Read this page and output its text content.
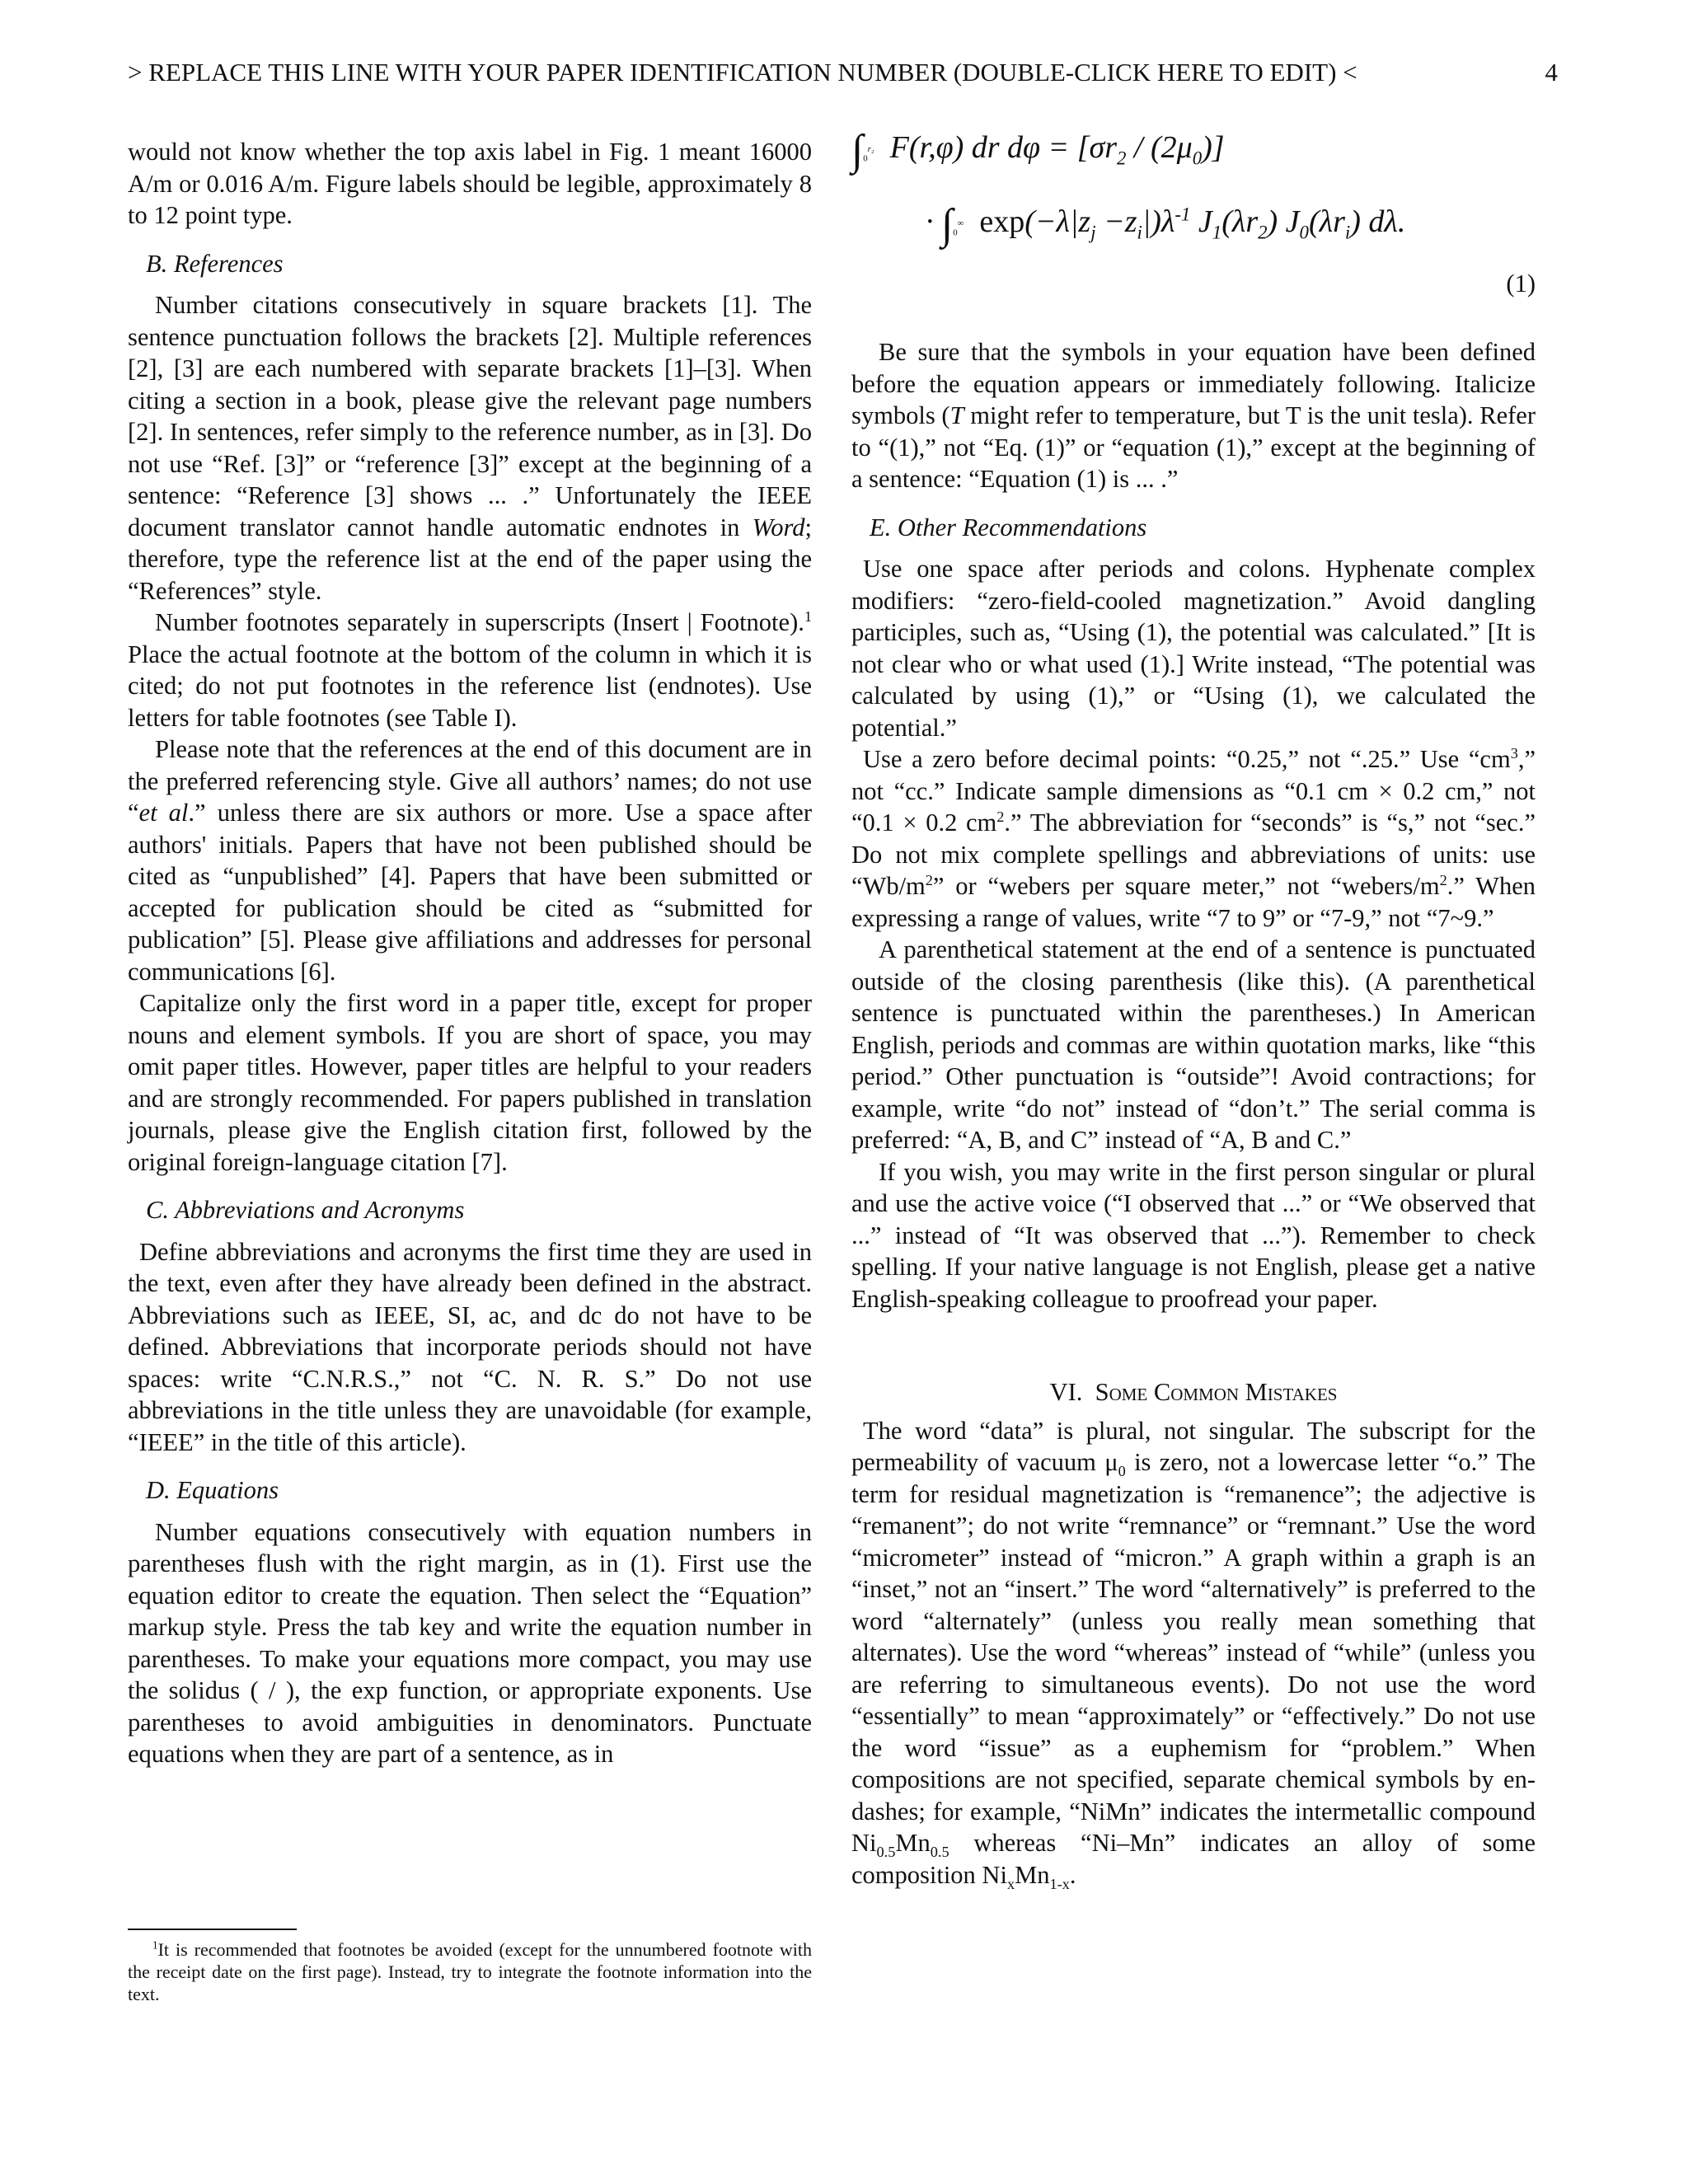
> REPLACE THIS LINE WITH YOUR PAPER IDENTIFICATION NUMBER (DOUBLE-CLICK HERE TO EDIT) <	4

would not know whether the top axis label in Fig. 1 meant 16000 A/m or 0.016 A/m. Figure labels should be legible, approximately 8 to 12 point type.

B. References

Number citations consecutively in square brackets [1]. The sentence punctuation follows the brackets [2]. Multiple references [2], [3] are each numbered with separate brackets [1]–[3]. When citing a section in a book, please give the relevant page numbers [2]. In sentences, refer simply to the reference number, as in [3]. Do not use “Ref. [3]” or “reference [3]” except at the beginning of a sentence: “Reference [3] shows ... .” Unfortunately the IEEE document translator cannot handle automatic endnotes in Word; therefore, type the reference list at the end of the paper using the “References” style.

Number footnotes separately in superscripts (Insert | Footnote).$^1$ Place the actual footnote at the bottom of the column in which it is cited; do not put footnotes in the reference list (endnotes). Use letters for table footnotes (see Table I).

Please note that the references at the end of this document are in the preferred referencing style. Give all authors’ names; do not use “et al.” unless there are six authors or more. Use a space after authors' initials. Papers that have not been published should be cited as “unpublished” [4]. Papers that have been submitted or accepted for publication should be cited as “submitted for publication” [5]. Please give affiliations and addresses for personal communications [6].

Capitalize only the first word in a paper title, except for proper nouns and element symbols. If you are short of space, you may omit paper titles. However, paper titles are helpful to your readers and are strongly recommended. For papers published in translation journals, please give the English citation first, followed by the original foreign-language citation [7].

C. Abbreviations and Acronyms

Define abbreviations and acronyms the first time they are used in the text, even after they have already been defined in the abstract. Abbreviations such as IEEE, SI, ac, and dc do not have to be defined. Abbreviations that incorporate periods should not have spaces: write “C.N.R.S.,” not “C. N. R. S.” Do not use abbreviations in the title unless they are unavoidable (for example, “IEEE” in the title of this article).

D. Equations

Number equations consecutively with equation numbers in parentheses flush with the right margin, as in (1). First use the equation editor to create the equation. Then select the “Equation” markup style. Press the tab key and write the equation number in parentheses. To make your equations more compact, you may use the solidus ( / ), the exp function, or appropriate exponents. Use parentheses to avoid ambiguities in denominators. Punctuate equations when they are part of a sentence, as in

$^1$It is recommended that footnotes be avoided (except for the unnumbered footnote with the receipt date on the first page). Instead, try to integrate the footnote information into the text.
$\int_0^{r_2}$  F(r,φ) dr $d\varphi = [\sigma r_2 / (2\mu_0)]$
· $\int_0^\infty$ $\exp(-\lambda|z_j -z_i|)\lambda^{-1}$ $J_1(\lambda r_2)$ $J_0(\lambda r_i)$ dλ.
(1)

Be sure that the symbols in your equation have been defined before the equation appears or immediately following. Italicize symbols (T might refer to temperature, but T is the unit tesla). Refer to “(1),” not “Eq. (1)” or “equation (1),” except at the beginning of a sentence: “Equation (1) is ... .”

E. Other Recommendations

Use one space after periods and colons. Hyphenate complex modifiers: “zero-field-cooled magnetization.” Avoid dangling participles, such as, “Using (1), the potential was calculated.” [It is not clear who or what used (1).] Write instead, “The potential was calculated by using (1),” or “Using (1), we calculated the potential.”

Use a zero before decimal points: “0.25,” not “.25.” Use “$cm^3$,” not “cc.” Indicate sample dimensions as “0.1 cm × 0.2 cm,” not “0.1 × 0.2 $cm^2$.” The abbreviation for “seconds” is “s,” not “sec.” Do not mix complete spellings and abbreviations of units: use “$Wb/m^2$” or “webers per square meter,” not “$webers/m^2$.” When expressing a range of values, write “7 to 9” or “7-9,” not “7~9.”

A parenthetical statement at the end of a sentence is punctuated outside of the closing parenthesis (like this). (A parenthetical sentence is punctuated within the parentheses.) In American English, periods and commas are within quotation marks, like “this period.” Other punctuation is “outside”! Avoid contractions; for example, write “do not” instead of “don’t.” The serial comma is preferred: “A, B, and C” instead of “A, B and C.”

If you wish, you may write in the first person singular or plural and use the active voice (“I observed that ...” or “We observed that ...” instead of “It was observed that ...”). Remember to check spelling. If your native language is not English, please get a native English-speaking colleague to proofread your paper.

VI. Some Common Mistakes

The word “data” is plural, not singular. The subscript for the permeability of vacuum $\mu_0$ is zero, not a lowercase letter “o.” The term for residual magnetization is “remanence”; the adjective is “remanent”; do not write “remnance” or “remnant.” Use the word “micrometer” instead of “micron.” A graph within a graph is an “inset,” not an “insert.” The word “alternatively” is preferred to the word “alternately” (unless you really mean something that alternates). Use the word “whereas” instead of “while” (unless you are referring to simultaneous events). Do not use the word “essentially” to mean “approximately” or “effectively.” Do not use the word “issue” as a euphemism for “problem.” When compositions are not specified, separate chemical symbols by en-dashes; for example, “NiMn” indicates the intermetallic compound $Ni_{0.5}Mn_{0.5}$ whereas “Ni–Mn” indicates an alloy of some composition $Ni_xMn_{1-x}$.
